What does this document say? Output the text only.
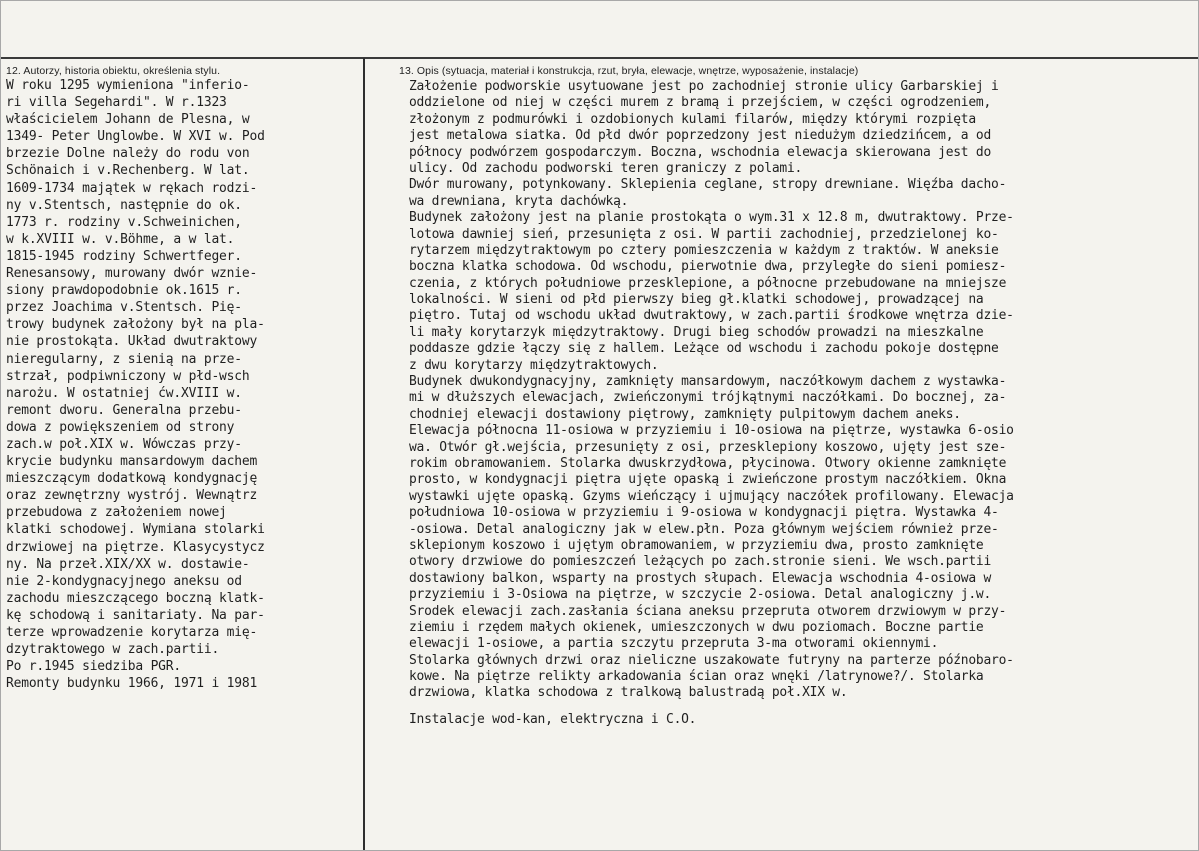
12. Autorzy, historia obiektu, określenia stylu.	13. Opis (sytuacja, materiał i konstrukcja, rzut, bryła, elewacje, wnętrze, wyposażenie, instalacje)
W roku 1295 wymieniona "inferio-
ri villa Segehardi". W r.1323
właścicielem Johann de Plesna, w
1349- Peter Unglowbe. W XVI w. Pod
brzezie Dolne należy do rodu von
Schönaich i v.Rechenberg. W lat.
1609-1734 majątek w rękach rodzi-
ny v.Stentsch, następnie do ok.
1773 r. rodziny v.Schweinichen,
w k.XVIII w. v.Böhme, a w lat.
1815-1945 rodziny Schwertfeger.
Renesansowy, murowany dwór wznie-
siony prawdopodobnie ok.1615 r.
przez Joachima v.Stentsch. Pię-
trowy budynek założony był na pla-
nie prostokąta. Układ dwutraktowy
nieregularny, z sienią na prze-
strzał, podpiwniczony w płd-wsch
narożu. W ostatniej ćw.XVIII w.
remont dworu. Generalna przebu-
dowa z powiększeniem od strony
zach.w poł.XIX w. Wówczas przy-
krycie budynku mansardowym dachem
mieszczącym dodatkową kondygnację
oraz zewnętrzny wystrój. Wewnątrz
przebudowa z założeniem nowej
klatki schodowej. Wymiana stolarki
drzwiowej na piętrze. Klasycystycz
ny. Na przeł.XIX/XX w. dostawie-
nie 2-kondygnacyjnego aneksu od
zachodu mieszczącego boczną klatk-
kę schodową i sanitariaty. Na par-
terze wprowadzenie korytarza mię-
dzytraktowego w zach.partii.
Po r.1945 siedziba PGR.
Remonty budynku 1966, 1971 i 1981
Założenie podworskie usytuowane jest po zachodniej stronie ulicy Garbarskiej i
oddzielone od niej w części murem z bramą i przejściem, w części ogrodzeniem,
złożonym z podmurówki i ozdobionych kulami filarów, między którymi rozpięta
jest metalowa siatka. Od płd dwór poprzedzony jest niedużym dziedzińcem, a od
północy podwórzem gospodarczym. Boczna, wschodnia elewacja skierowana jest do
ulicy. Od zachodu podworski teren graniczy z polami.
Dwór murowany, potynkowany. Sklepienia ceglane, stropy drewniane. Więźba dacho-
wa drewniana, kryta dachówką.
Budynek założony jest na planie prostokąta o wym.31 x 12.8 m, dwutraktowy. Prze-
lotowa dawniej sień, przesunięta z osi. W partii zachodniej, przedzielonej ko-
rytarzem międzytraktowym po cztery pomieszczenia w każdym z traktów. W aneksie
boczna klatka schodowa. Od wschodu, pierwotnie dwa, przyległe do sieni pomiesz-
czenia, z których południowe przesklepione, a północne przebudowane na mniejsze
lokalności. W sieni od płd pierwszy bieg gł.klatki schodowej, prowadzącej na
piętro. Tutaj od wschodu układ dwutraktowy, w zach.partii środkowe wnętrza dzie-
li mały korytarzyk międzytraktowy. Drugi bieg schodów prowadzi na mieszkalne
poddasze gdzie łączy się z hallem. Leżące od wschodu i zachodu pokoje dostępne
z dwu korytarzy międzytraktowych.
Budynek dwukondygnacyjny, zamknięty mansardowym, naczółkowym dachem z wystawka-
mi w dłuższych elewacjach, zwieńczonymi trójkątnymi naczółkami. Do bocznej, za-
chodniej elewacji dostawiony piętrowy, zamknięty pulpitowym dachem aneks.
Elewacja północna 11-osiowa w przyziemiu i 10-osiowa na piętrze, wystawka 6-osio
wa. Otwór gł.wejścia, przesunięty z osi, przesklepiony koszowo, ujęty jest sze-
rokim obramowaniem. Stolarka dwuskrzydłowa, płycinowa. Otwory okienne zamknięte
prosto, w kondygnacji piętra ujęte opaską i zwieńczone prostym naczółkiem. Okna
wystawki ujęte opaską. Gzyms wieńczący i ujmujący naczółek profilowany. Elewacja
południowa 10-osiowa w przyziemiu i 9-osiowa w kondygnacji piętra. Wystawka 4-
-osiowa. Detal analogiczny jak w elew.płn. Poza głównym wejściem również prze-
sklepionym koszowo i ujętym obramowaniem, w przyziemiu dwa, prosto zamknięte
otwory drzwiowe do pomieszczeń leżących po zach.stronie sieni. We wsch.partii
dostawiony balkon, wsparty na prostych słupach. Elewacja wschodnia 4-osiowa w
przyziemiu i 3-Osiowa na piętrze, w szczycie 2-osiowa. Detal analogiczny j.w.
Środek elewacji zach.zasłania ściana aneksu przeprutа otworem drzwiowym w przy-
ziemiu i rzędem małych okienek, umieszczonych w dwu poziomach. Boczne partie
elewacji 1-osiowe, a partia szczytu przepruta 3-ma otworami okiennymi.
Stolarka głównych drzwi oraz nieliczne uszakowate futryny na parterze późnobaro-
kowe. Na piętrze relikty arkadowania ścian oraz wnęki /latrynowe?/. Stolarka
drzwiowa, klatka schodowa z tralkową balustradą poł.XIX w.
Instalacje wod-kan, elektryczna i C.O.
